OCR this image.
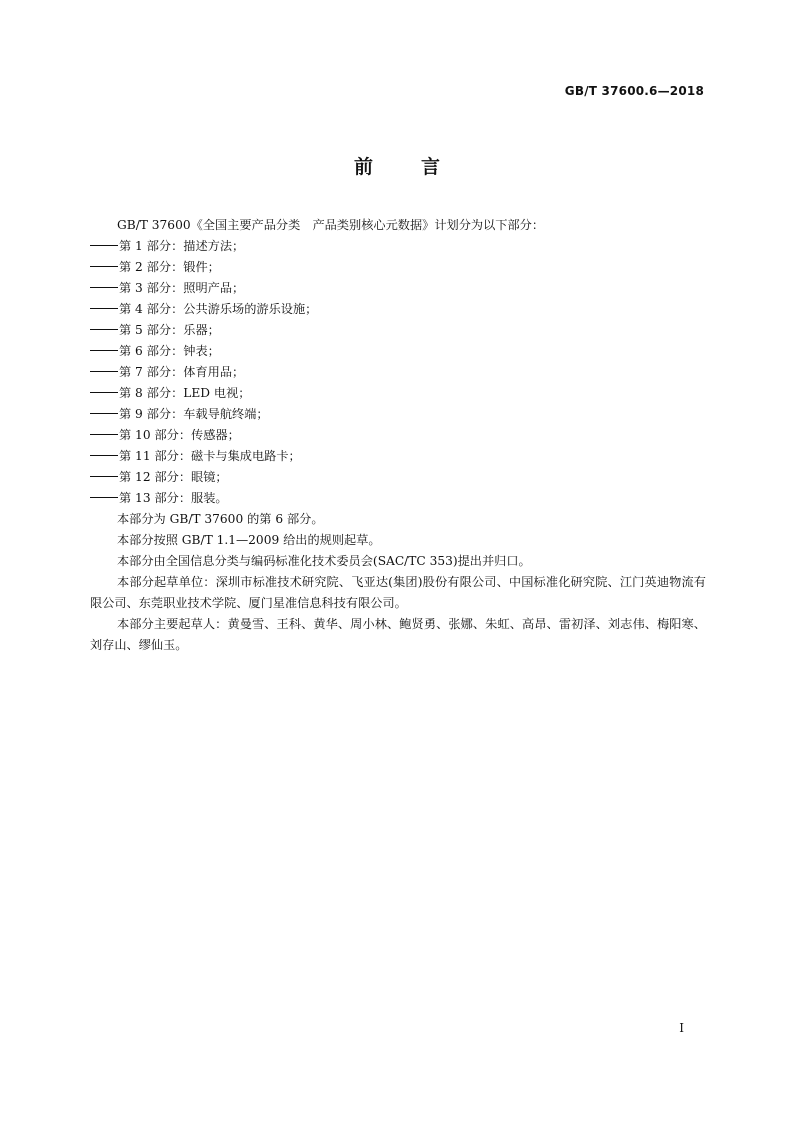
GB/T 37600.6—2018
前	言

GB/T 37600《全国主要产品分类　产品类别核心元数据》计划分为以下部分：

第 1 部分：描述方法；

第 2 部分：锻件；

第 3 部分：照明产品；

第 4 部分：公共游乐场的游乐设施；

第 5 部分：乐器；

第 6 部分：钟表；

第 7 部分：体育用品；

第 8 部分：LED 电视；

第 9 部分：车载导航终端；

第 10 部分：传感器；

第 11 部分：磁卡与集成电路卡；

第 12 部分：眼镜；

第 13 部分：服装。

本部分为 GB/T 37600 的第 6 部分。

本部分按照 GB/T 1.1—2009 给出的规则起草。

本部分由全国信息分类与编码标准化技术委员会(SAC/TC 353)提出并归口。

本部分起草单位：深圳市标准技术研究院、飞亚达(集团)股份有限公司、中国标准化研究院、江门英迪物流有限公司、东莞职业技术学院、厦门星准信息科技有限公司。

本部分主要起草人：黄曼雪、王科、黄华、周小林、鲍贤勇、张娜、朱虹、高昂、雷初泽、刘志伟、梅阳寒、刘存山、缪仙玉。

I
